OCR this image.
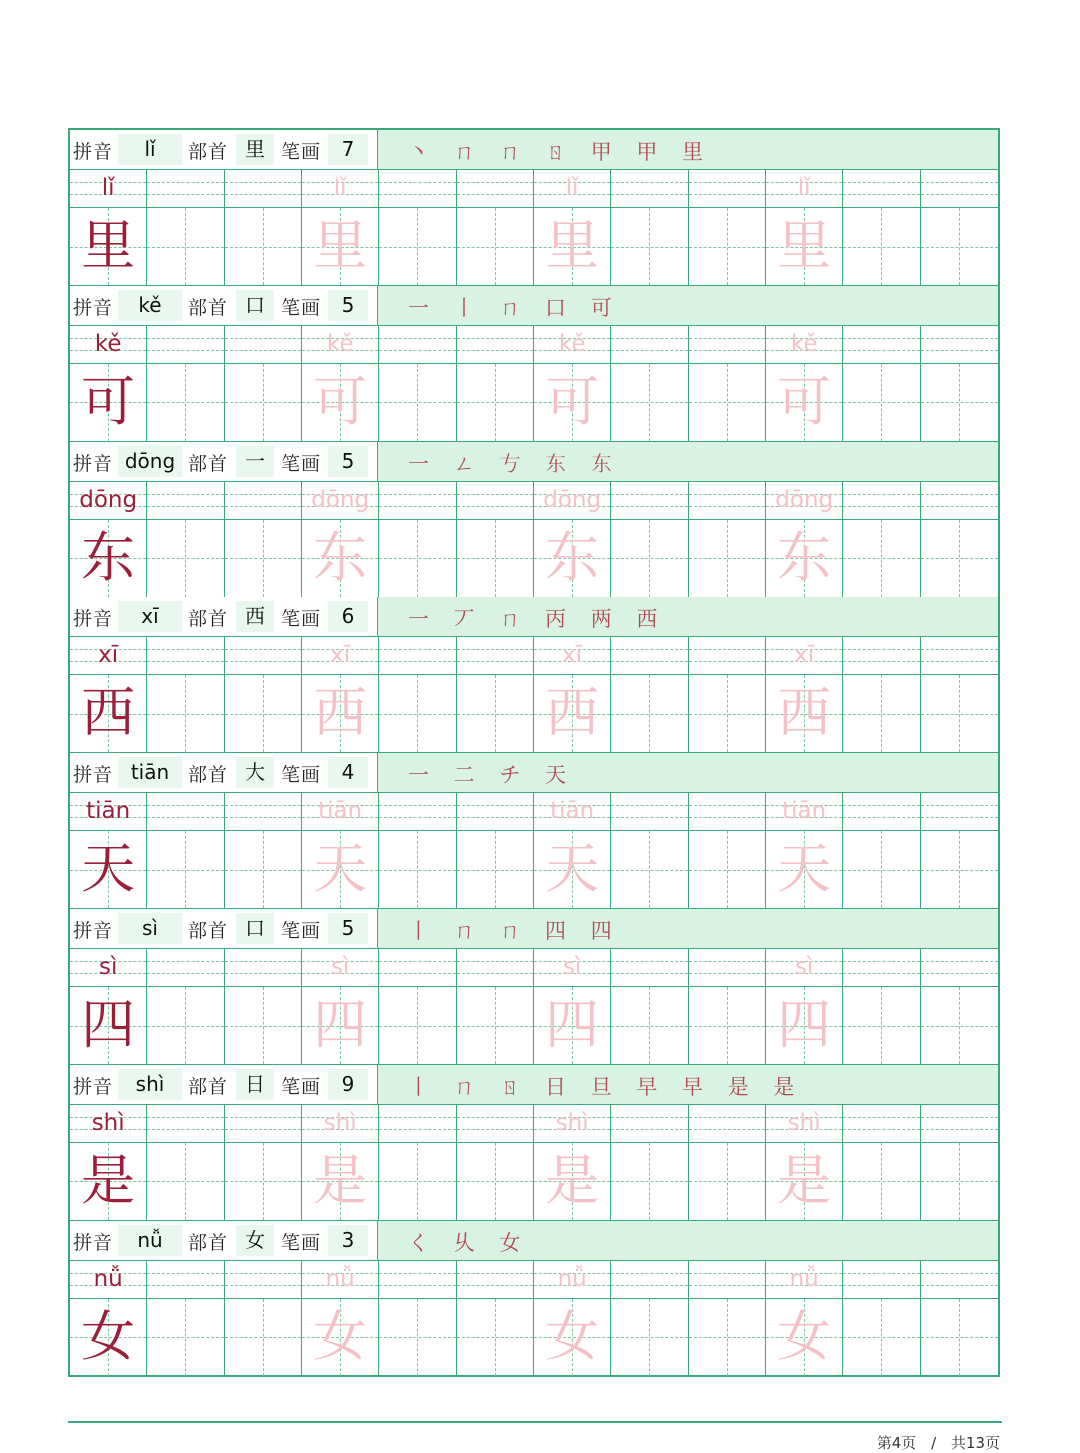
拼音	lǐ	部首 里 笔画	7	丶 ㄇ ㄇ ㄖ 甲 甲 里
lǐ	lǐ	lǐ	lǐ
里	里	里	里
拼音	kě	部首 口 笔画	5	一 丨 ㄇ 口 可
kě	kě	kě	kě
可	可	可	可
拼音 dōng 部首 一 笔画	5	一 ㄥ 𠀁 东 东
dōng	dōng	dōng	dōng
东	东	东	东
拼音	xī	部首 西 笔画	6	一 丆 ㄇ 丙 两 西
xī	xī	xī	xī
西	西	西	西
拼音 tiān 部首 大 笔画	4	一 二 チ 天
tiān	tiān	tiān	tiān
天	天	天	天
拼音	sì	部首 口 笔画	5	丨 ㄇ ㄇ 四 四
sì	sì	sì	sì
四	四	四	四
拼音	shì	部首 日 笔画	9	丨 ㄇ ㄖ 日 旦 早 早 是 是
shì	shì	shì	shì
是	是	是	是
拼音	nǚ	部首 女 笔画	3	く 乆 女
nǚ	nǚ	nǚ	nǚ
女	女	女	女
第4页 / 共13页
